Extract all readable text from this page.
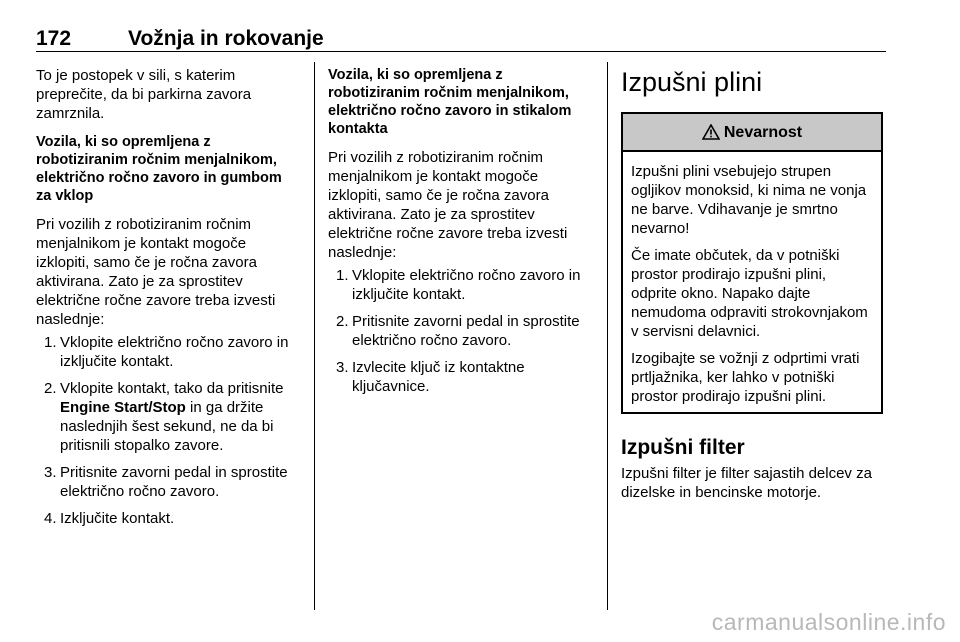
172	Vožnja in rokovanje

To je postopek v sili, s katerim preprečite, da bi parkirna zavora zamrznila.

Vozila, ki so opremljena z robotiziranim ročnim menjalnikom, električno ročno zavoro in gumbom za vklop

Pri vozilih z robotiziranim ročnim menjalnikom je kontakt mogoče izklopiti, samo če je ročna zavora aktivirana. Zato je za sprostitev električne ročne zavore treba izvesti naslednje:

1. Vklopite električno ročno zavoro in izključite kontakt.
2. Vklopite kontakt, tako da pritisnite Engine Start/Stop in ga držite naslednjih šest sekund, ne da bi pritisnili stopalko zavore.
3. Pritisnite zavorni pedal in sprostite električno ročno zavoro.
4. Izključite kontakt.

Vozila, ki so opremljena z robotiziranim ročnim menjalnikom, električno ročno zavoro in stikalom kontakta

Pri vozilih z robotiziranim ročnim menjalnikom je kontakt mogoče izklopiti, samo če je ročna zavora aktivirana. Zato je za sprostitev električne ročne zavore treba izvesti naslednje:

1. Vklopite električno ročno zavoro in izključite kontakt.
2. Pritisnite zavorni pedal in sprostite električno ročno zavoro.
3. Izvlecite ključ iz kontaktne ključavnice.
Izpušni plini
Nevarnost

Izpušni plini vsebujejo strupen ogljikov monoksid, ki nima ne vonja ne barve. Vdihavanje je smrtno nevarno!

Če imate občutek, da v potniški prostor prodirajo izpušni plini, odprite okno. Napako dajte nemudoma odpraviti strokovnjakom v servisni delavnici.

Izogibajte se vožnji z odprtimi vrati prtljažnika, ker lahko v potniški prostor prodirajo izpušni plini.

Izpušni filter

Izpušni filter je filter sajastih delcev za dizelske in bencinske motorje.

carmanualsonline.info
